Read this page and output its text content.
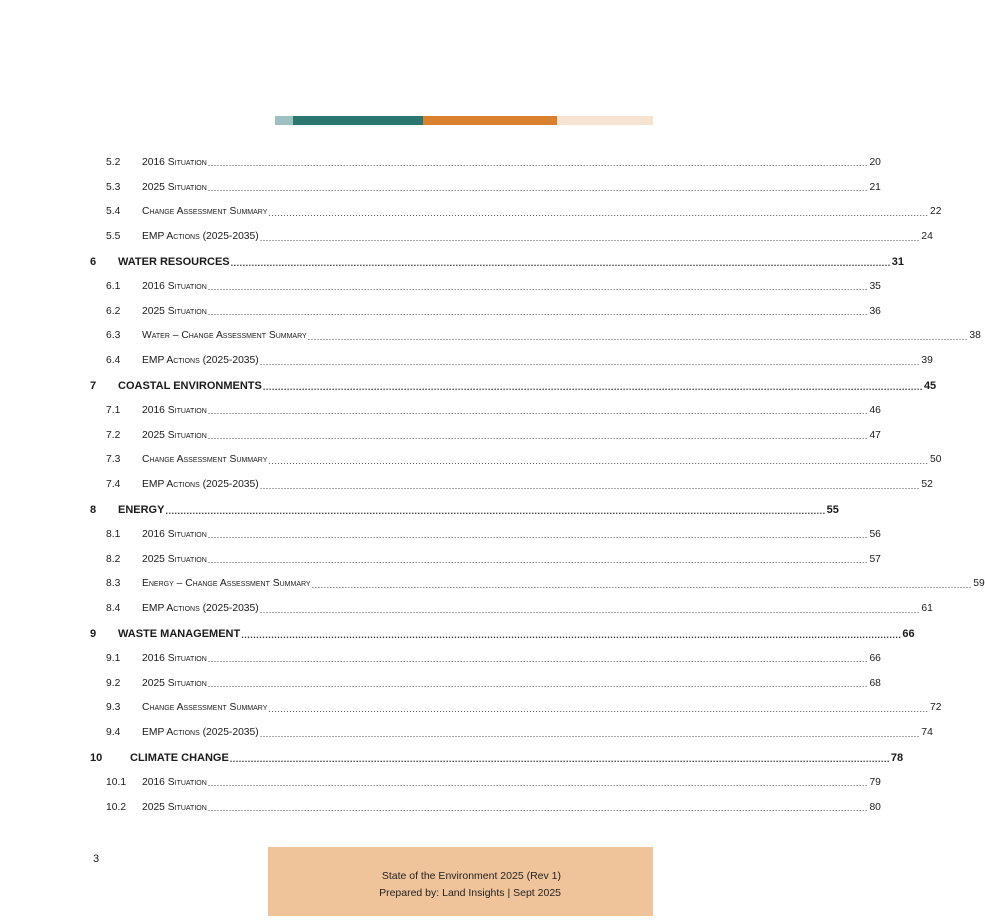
5.2 2016 Situation ............................................................................................................................................................................................................................ 20
5.3 2025 Situation ............................................................................................................................................................................................................................ 21
5.4 Change Assessment Summary ............................................................................................................................................................................................................................ 22
5.5 EMP Actions (2025-2035) ............................................................................................................................................................................................................................ 24
6	WATER RESOURCES ............................................................................................................................................................................................................................ 31
6.1 2016 Situation ............................................................................................................................................................................................................................ 35
6.2 2025 Situation ............................................................................................................................................................................................................................ 36
6.3 Water – Change Assessment Summary ............................................................................................................................................................................................................................ 38
6.4 EMP Actions (2025-2035) ............................................................................................................................................................................................................................ 39
7	COASTAL ENVIRONMENTS ............................................................................................................................................................................................................................ 45
7.1 2016 Situation ............................................................................................................................................................................................................................ 46
7.2 2025 Situation ............................................................................................................................................................................................................................ 47
7.3 Change Assessment Summary ............................................................................................................................................................................................................................ 50
7.4 EMP Actions (2025-2035) ............................................................................................................................................................................................................................ 52
8	ENERGY ............................................................................................................................................................................................................................ 55
8.1 2016 Situation ............................................................................................................................................................................................................................ 56
8.2 2025 Situation ............................................................................................................................................................................................................................ 57
8.3 Energy – Change Assessment Summary ............................................................................................................................................................................................................................ 59
8.4 EMP Actions (2025-2035) ............................................................................................................................................................................................................................ 61
9	WASTE MANAGEMENT ............................................................................................................................................................................................................................ 66
9.1 2016 Situation ............................................................................................................................................................................................................................ 66
9.2 2025 Situation ............................................................................................................................................................................................................................ 68
9.3 Change Assessment Summary ............................................................................................................................................................................................................................ 72
9.4 EMP Actions (2025-2035) ............................................................................................................................................................................................................................ 74
10	CLIMATE CHANGE ............................................................................................................................................................................................................................ 78
10.1 2016 Situation ............................................................................................................................................................................................................................ 79
10.2 2025 Situation ............................................................................................................................................................................................................................ 80
3
State of the Environment 2025 (Rev 1)
Prepared by: Land Insights | Sept 2025
